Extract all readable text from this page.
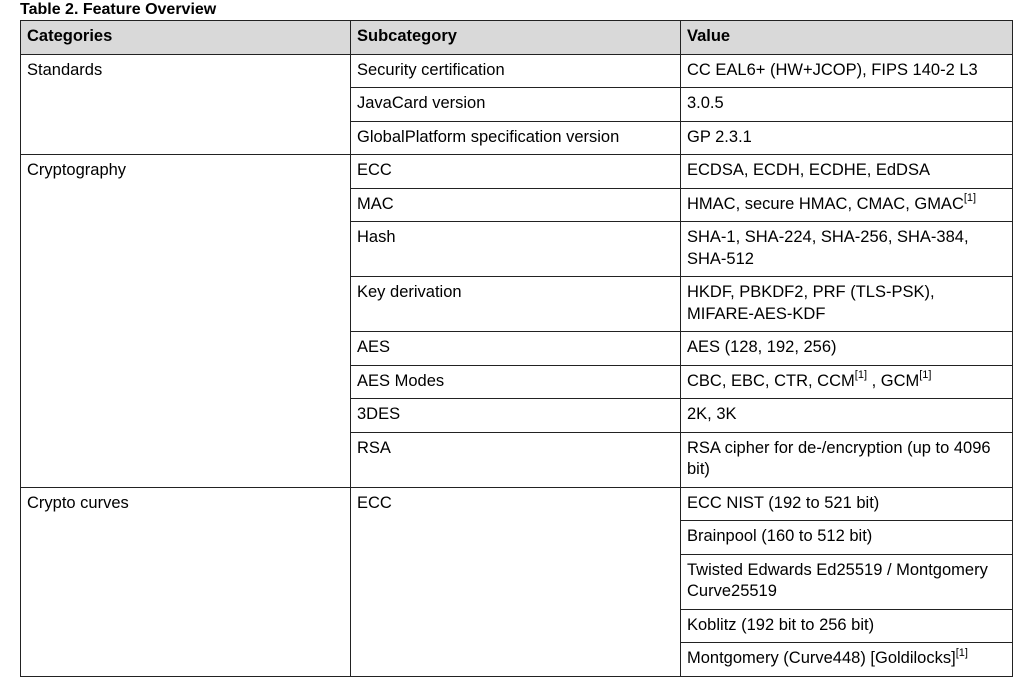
Table 2. Feature Overview
Categories	Subcategory	Value
Standards	Security certification	CC EAL6+ (HW+JCOP), FIPS 140-2 L3
	JavaCard version	3.0.5
	GlobalPlatform specification version	GP 2.3.1
Cryptography	ECC	ECDSA, ECDH, ECDHE, EdDSA
	MAC	HMAC, secure HMAC, CMAC, GMAC[1]
	Hash	SHA-1, SHA-224, SHA-256, SHA-384, SHA-512
	Key derivation	HKDF, PBKDF2, PRF (TLS-PSK), MIFARE-AES-KDF
	AES	AES (128, 192, 256)
	AES Modes	CBC, EBC, CTR, CCM[1] , GCM[1]
	3DES	2K, 3K
	RSA	RSA cipher for de-/encryption (up to 4096 bit)
Crypto curves	ECC	ECC NIST (192 to 521 bit)
		Brainpool (160 to 512 bit)
		Twisted Edwards Ed25519 / Montgomery Curve25519
		Koblitz (192 bit to 256 bit)
		Montgomery (Curve448) [Goldilocks][1]
